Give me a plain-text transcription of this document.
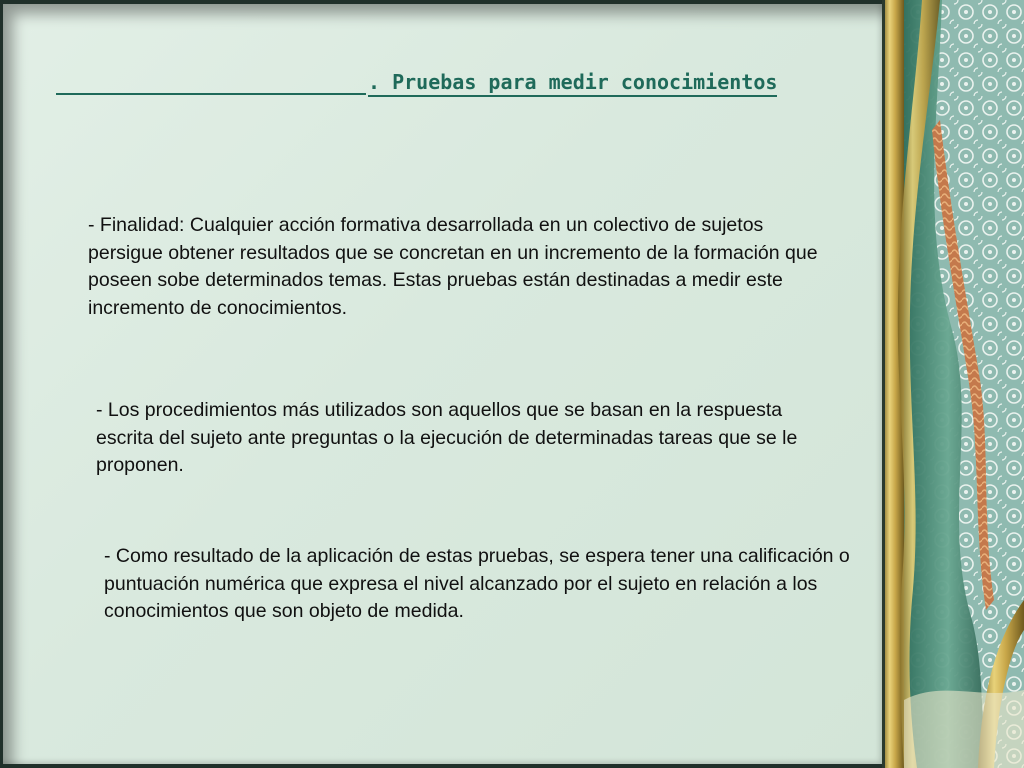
. Pruebas para medir conocimientos
- Finalidad: Cualquier acción formativa desarrollada en un colectivo de sujetos persigue obtener resultados que se concretan en un incremento de la formación que poseen sobe determinados temas. Estas pruebas están destinadas a medir este incremento de conocimientos.
- Los procedimientos más utilizados son aquellos que se basan en la respuesta escrita del sujeto ante preguntas o la ejecución de determinadas tareas que se le proponen.
- Como resultado de la aplicación de estas pruebas, se espera tener una calificación o puntuación numérica que expresa el nivel alcanzado por el sujeto en relación a los conocimientos que son objeto de medida.
